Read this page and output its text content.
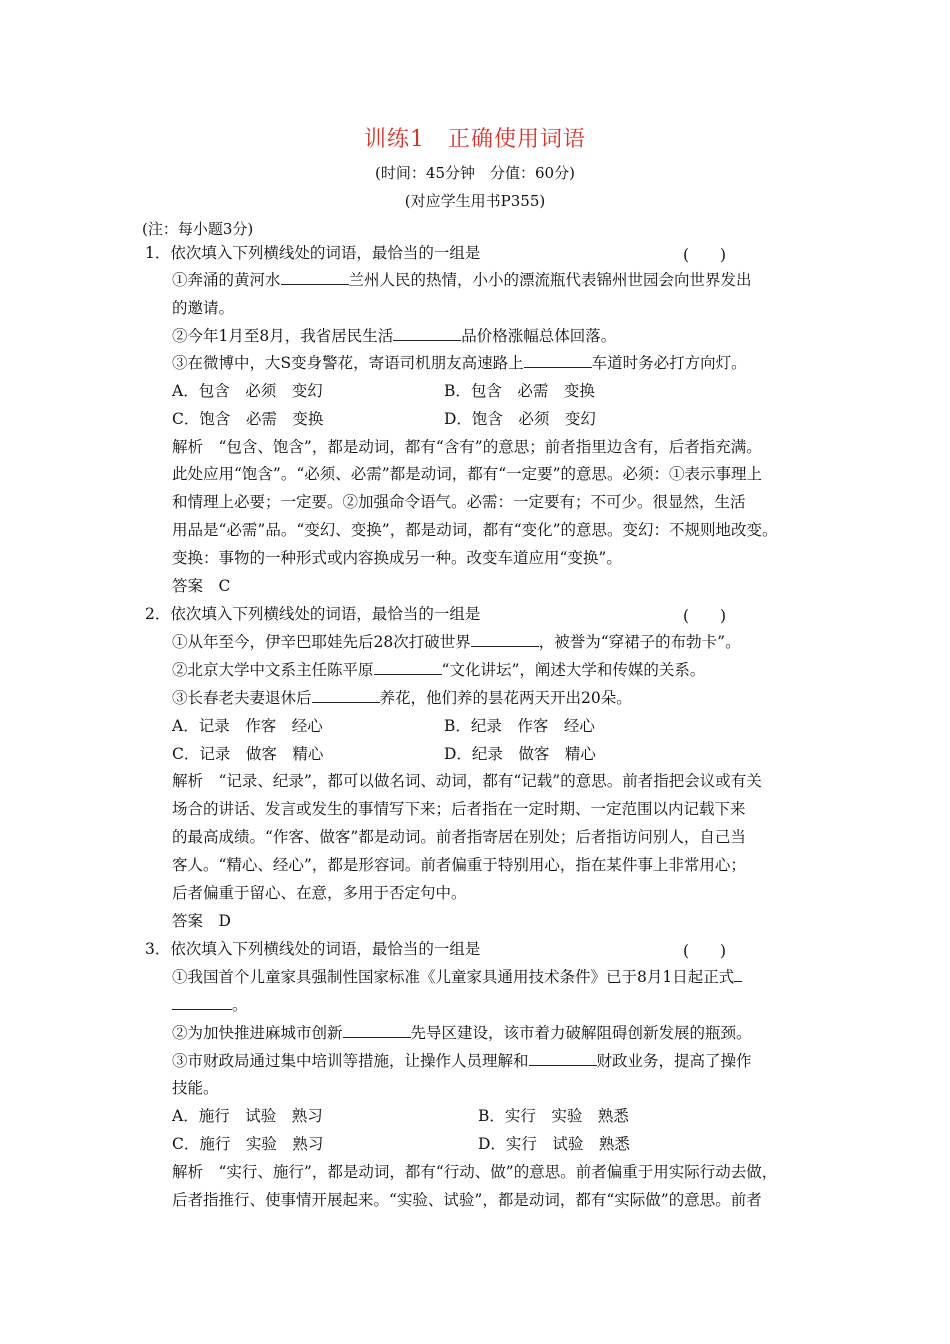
训练1　正确使用词语
(时间：45分钟　分值：60分)
(对应学生用书P355)
(注：每小题3分)
1．依次填入下列横线处的词语，最恰当的一组是	(　　)
①奔涌的黄河水	兰州人民的热情，小小的漂流瓶代表锦州世园会向世界发出
的邀请。
②今年1月至8月，我省居民生活	品价格涨幅总体回落。
③在微博中，大S变身警花，寄语司机朋友高速路上	车道时务必打方向灯。
A．包含　必须　变幻	B．包含　必需　变换
C．饱含　必需　变换	D．饱含　必须　变幻
解析　“包含、饱含”，都是动词，都有“含有”的意思；前者指里边含有，后者指充满。
此处应用“饱含”。“必须、必需”都是动词，都有“一定要”的意思。必须：①表示事理上
和情理上必要；一定要。②加强命令语气。必需：一定要有；不可少。很显然，生活
用品是“必需”品。“变幻、变换”，都是动词，都有“变化”的意思。变幻：不规则地改变。
变换：事物的一种形式或内容换成另一种。改变车道应用“变换”。
答案　C
2．依次填入下列横线处的词语，最恰当的一组是	(　　)
①从年至今，伊辛巴耶娃先后28次打破世界	，被誉为“穿裙子的布勃卡”。
②北京大学中文系主任陈平原	“文化讲坛”，阐述大学和传媒的关系。
③长春老夫妻退休后	养花，他们养的昙花两天开出20朵。
A．记录　作客　经心	B．纪录　作客　经心
C．记录　做客　精心	D．纪录　做客　精心
解析　“记录、纪录”，都可以做名词、动词，都有“记载”的意思。前者指把会议或有关
场合的讲话、发言或发生的事情写下来；后者指在一定时期、一定范围以内记载下来
的最高成绩。“作客、做客”都是动词。前者指寄居在别处；后者指访问别人，自己当
客人。“精心、经心”，都是形容词。前者偏重于特别用心，指在某件事上非常用心；
后者偏重于留心、在意，多用于否定句中。
答案　D
3．依次填入下列横线处的词语，最恰当的一组是	(　　)
①我国首个儿童家具强制性国家标准《儿童家具通用技术条件》已于8月1日起正式
。
②为加快推进麻城市创新	先导区建设，该市着力破解阻碍创新发展的瓶颈。
③市财政局通过集中培训等措施，让操作人员理解和	财政业务，提高了操作
技能。
A．施行　试验　熟习	B．实行　实验　熟悉
C．施行　实验　熟习	D．实行　试验　熟悉
解析　“实行、施行”，都是动词，都有“行动、做”的意思。前者偏重于用实际行动去做，
后者指推行、使事情开展起来。“实验、试验”，都是动词，都有“实际做”的意思。前者
